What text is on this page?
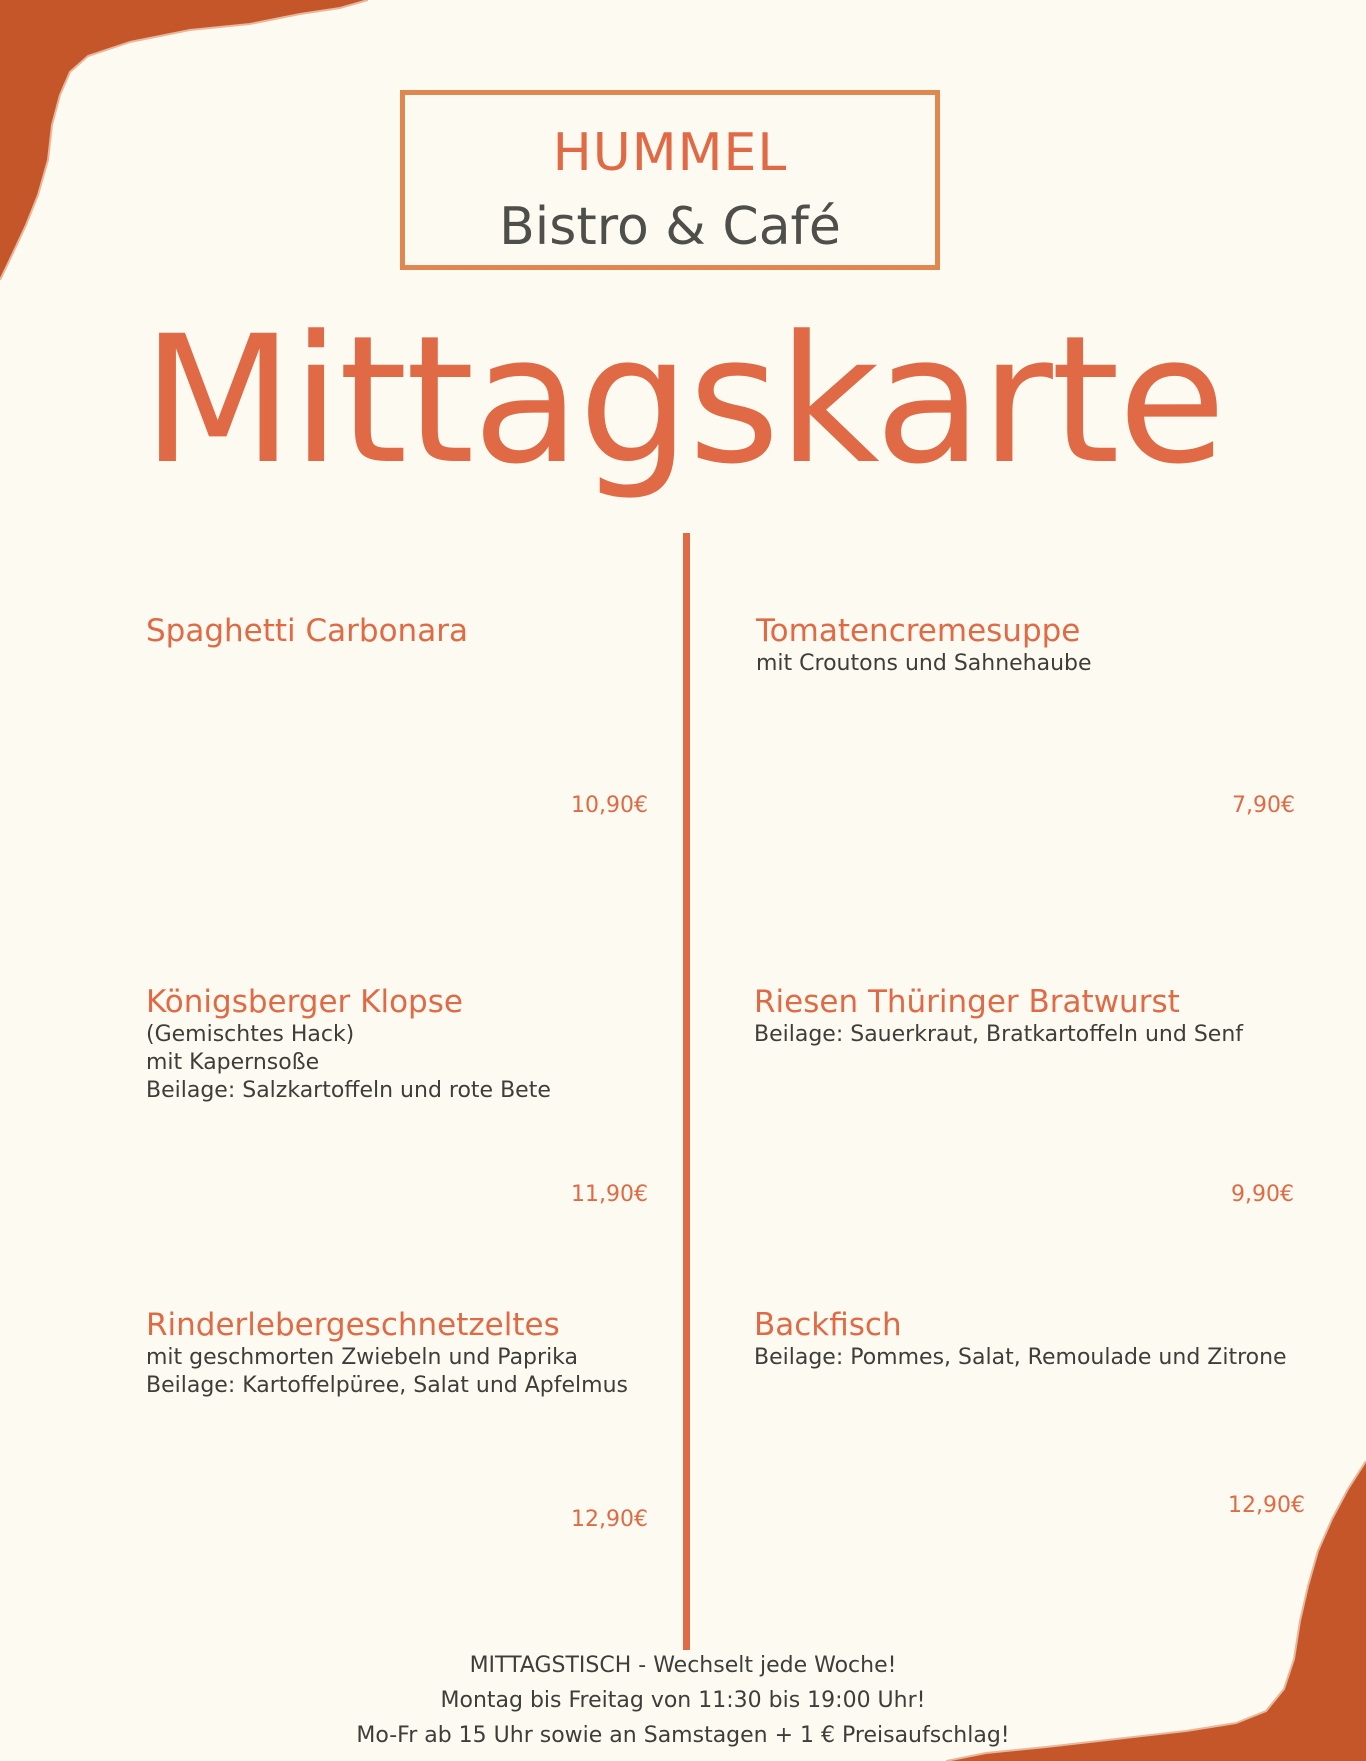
HUMMEL
Bistro & Café
Mittagskarte
Spaghetti Carbonara
10,90€
Königsberger Klopse
(Gemischtes Hack)
mit Kapernsoße
Beilage: Salzkartoffeln und rote Bete
11,90€
Rinderlebergeschnetzeltes
mit geschmorten Zwiebeln und Paprika
Beilage: Kartoffelpüree, Salat und Apfelmus
12,90€
Tomatencremesuppe
mit Croutons und Sahnehaube
7,90€
Riesen Thüringer Bratwurst
Beilage: Sauerkraut, Bratkartoffeln und Senf
9,90€
Backfisch
Beilage: Pommes, Salat, Remoulade und Zitrone
12,90€
MITTAGSTISCH - Wechselt jede Woche!
Montag bis Freitag von 11:30 bis 19:00 Uhr!
Mo-Fr ab 15 Uhr sowie an Samstagen + 1 € Preisaufschlag!
